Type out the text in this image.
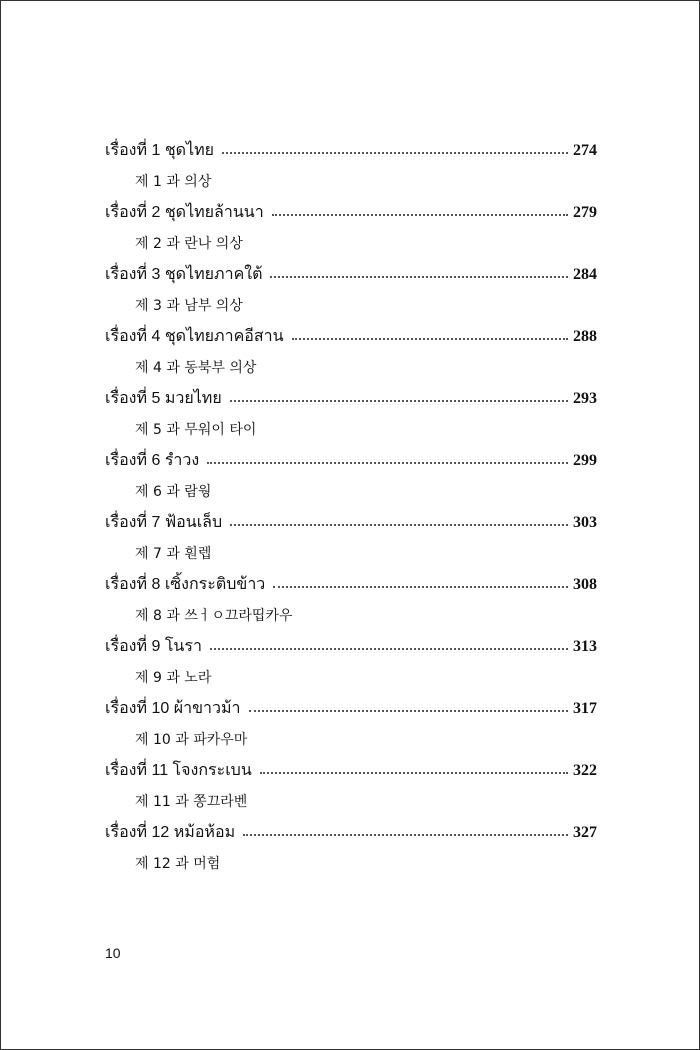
เรื่องที่ 1 ชุดไทย	274
제 1 과 의상
เรื่องที่ 2 ชุดไทยล้านนา	279
제 2 과 란나 의상
เรื่องที่ 3 ชุดไทยภาคใต้	284
제 3 과 남부 의상
เรื่องที่ 4 ชุดไทยภาคอีสาน	288
제 4 과 동북부 의상
เรื่องที่ 5 มวยไทย	293
제 5 과 무워이 타이
เรื่องที่ 6 รำวง	299
제 6 과 람웡
เรื่องที่ 7 ฟ้อนเล็บ	303
제 7 과 훤렙
เรื่องที่ 8 เซิ้งกระติบข้าว	308
제 8 과 쓰ㅓㅇ끄라띱카우
เรื่องที่ 9 โนรา	313
제 9 과 노라
เรื่องที่ 10 ผ้าขาวม้า	317
제 10 과 파카우마
เรื่องที่ 11 โจงกระเบน	322
제 11 과 쫑끄라벤
เรื่องที่ 12 หม้อห้อม	327
제 12 과 머험
10
